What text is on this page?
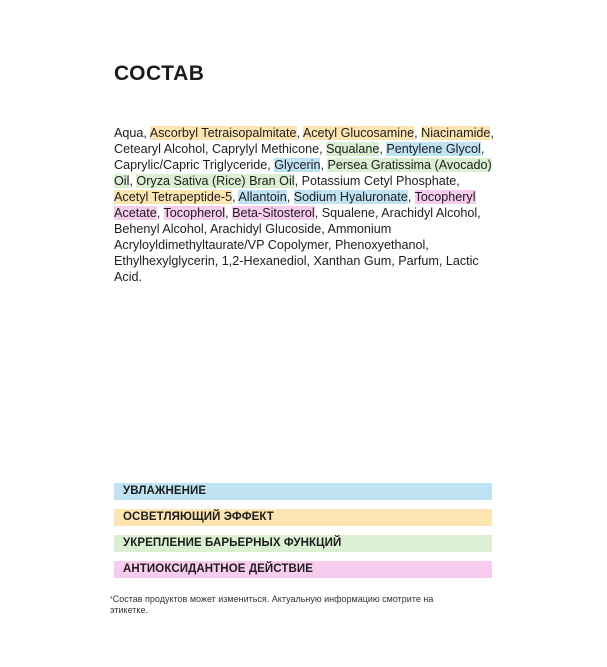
СОСТАВ

Aqua, Ascorbyl Tetraisopalmitate, Acetyl Glucosamine, Niacinamide, Cetearyl Alcohol, Caprylyl Methicone, Squalane, Pentylene Glycol, Caprylic/Capric Triglyceride, Glycerin, Persea Gratissima (Avocado) Oil, Oryza Sativa (Rice) Bran Oil, Potassium Cetyl Phosphate, Acetyl Tetrapeptide-5, Allantoin, Sodium Hyaluronate, Tocopheryl Acetate, Tocopherol, Beta-Sitosterol, Squalene, Arachidyl Alcohol, Behenyl Alcohol, Arachidyl Glucoside, Ammonium Acryloyldimethyltaurate/VP Copolymer, Phenoxyethanol, Ethylhexylglycerin, 1,2-Hexanediol, Xanthan Gum, Parfum, Lactic Acid.

УВЛАЖНЕНИЕ
ОСВЕТЛЯЮЩИЙ ЭФФЕКТ
УКРЕПЛЕНИЕ БАРЬЕРНЫХ ФУНКЦИЙ
АНТИОКСИДАНТНОЕ ДЕЙСТВИЕ
*Состав продуктов может измениться. Актуальную информацию смотрите на этикетке.
